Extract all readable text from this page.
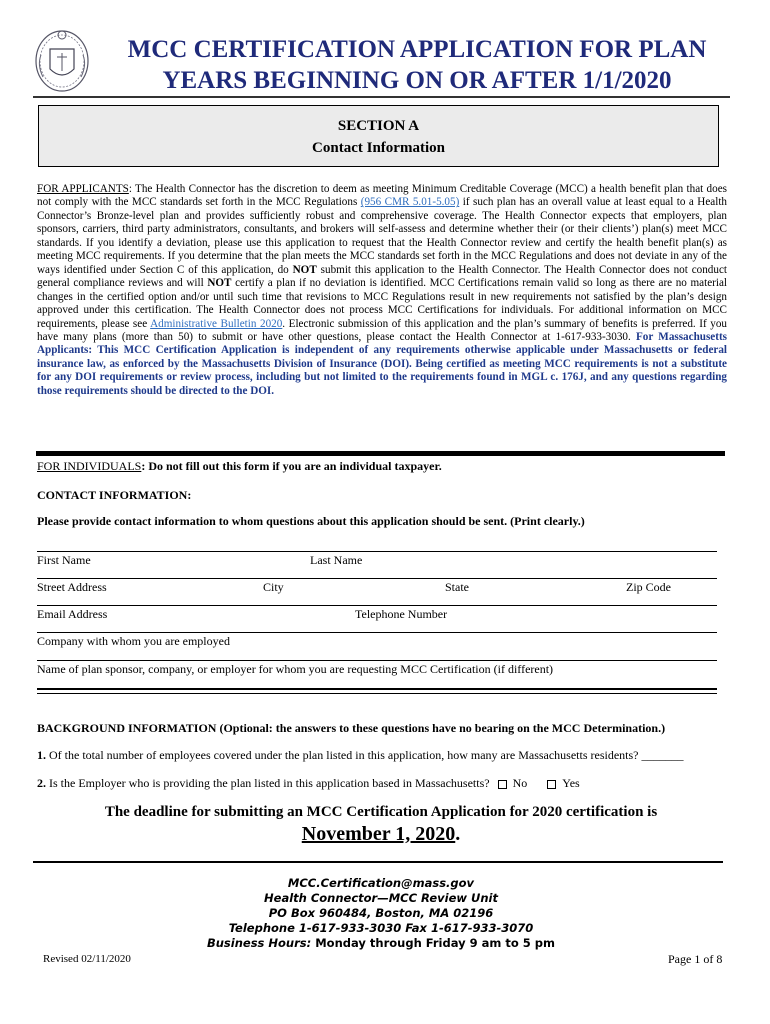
MCC CERTIFICATION APPLICATION FOR PLAN
YEARS BEGINNING ON OR AFTER 1/1/2020
SECTION A
Contact Information
FOR APPLICANTS: The Health Connector has the discretion to deem as meeting Minimum Creditable Coverage (MCC) a health benefit plan that does not comply with the MCC standards set forth in the MCC Regulations (956 CMR 5.01-5.05) if such plan has an overall value at least equal to a Health Connector’s Bronze-level plan and provides sufficiently robust and comprehensive coverage. The Health Connector expects that employers, plan sponsors, carriers, third party administrators, consultants, and brokers will self-assess and determine whether their (or their clients’) plan(s) meet MCC standards. If you identify a deviation, please use this application to request that the Health Connector review and certify the health benefit plan(s) as meeting MCC requirements. If you determine that the plan meets the MCC standards set forth in the MCC Regulations and does not deviate in any of the ways identified under Section C of this application, do NOT submit this application to the Health Connector. The Health Connector does not conduct general compliance reviews and will NOT certify a plan if no deviation is identified. MCC Certifications remain valid so long as there are no material changes in the certified option and/or until such time that revisions to MCC Regulations result in new requirements not satisfied by the plan’s design approved under this certification. The Health Connector does not process MCC Certifications for individuals. For additional information on MCC requirements, please see Administrative Bulletin 2020. Electronic submission of this application and the plan’s summary of benefits is preferred. If you have many plans (more than 50) to submit or have other questions, please contact the Health Connector at 1-617-933-3030. For Massachusetts Applicants: This MCC Certification Application is independent of any requirements otherwise applicable under Massachusetts or federal insurance law, as enforced by the Massachusetts Division of Insurance (DOI). Being certified as meeting MCC requirements is not a substitute for any DOI requirements or review process, including but not limited to the requirements found in MGL c. 176J, and any questions regarding those requirements should be directed to the DOI.
FOR INDIVIDUALS: Do not fill out this form if you are an individual taxpayer.
CONTACT INFORMATION:
Please provide contact information to whom questions about this application should be sent. (Print clearly.)
First Name	Last Name
Street Address	City	State	Zip Code
Email Address	Telephone Number
Company with whom you are employed
Name of plan sponsor, company, or employer for whom you are requesting MCC Certification (if different)
BACKGROUND INFORMATION (Optional: the answers to these questions have no bearing on the MCC Determination.)
1. Of the total number of employees covered under the plan listed in this application, how many are Massachusetts residents? _______
2. Is the Employer who is providing the plan listed in this application based in Massachusetts? No	Yes
The deadline for submitting an MCC Certification Application for 2020 certification is
November 1, 2020.
MCC.Certification@mass.gov
Health Connector—MCC Review Unit
PO Box 960484, Boston, MA 02196
Telephone 1-617-933-3030 Fax 1-617-933-3070
Business Hours: Monday through Friday 9 am to 5 pm
Revised 02/11/2020	Page 1 of 8
